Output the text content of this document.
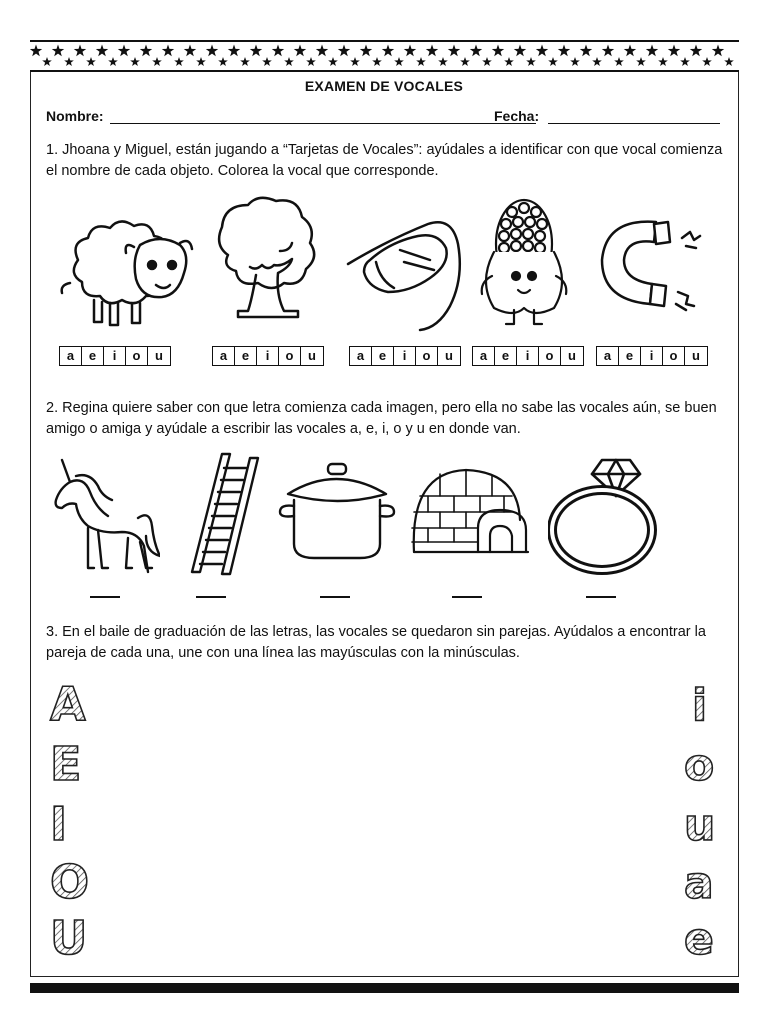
EXAMEN DE VOCALES
Nombre:	Fecha:
1. Jhoana y Miguel, están jugando a “Tarjetas de Vocales”: ayúdales a identificar con que vocal comienza el nombre de cada objeto. Colorea la vocal que corresponde.
a	e	i	o	u	a	e	i	o	u	a	e	i	o	u	a	e	i	o	u	a	e	i	o	u
2. Regina quiere saber con que letra comienza cada imagen, pero ella no sabe las vocales aún, se buen amigo o amiga y ayúdale a escribir las vocales a, e, i, o y u en donde van.
3. En el baile de graduación de las letras, las vocales se quedaron sin parejas. Ayúdalos a encontrar la pareja de cada una, une con una línea las mayúsculas con la minúsculas.
A
E
I
O
U
i
o
u
a
e
